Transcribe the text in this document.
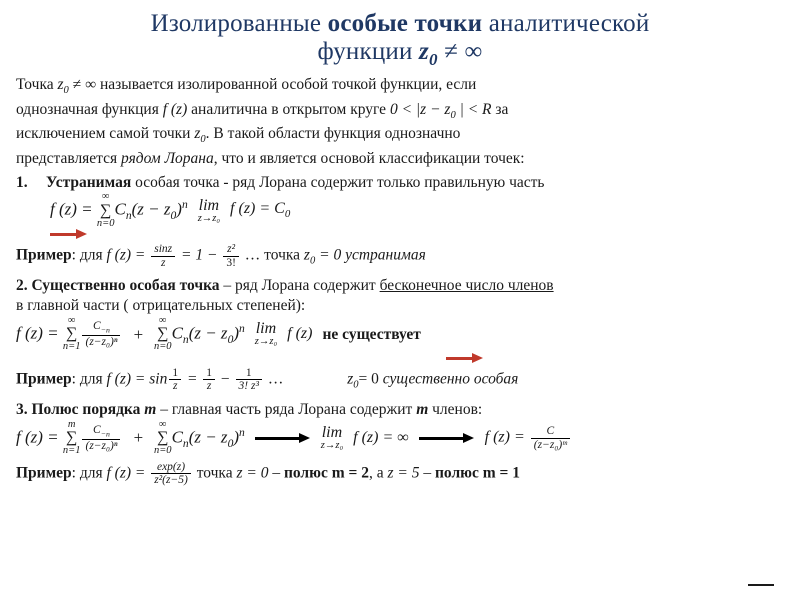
Изолированные особые точки аналитической
функции $z_0$ ≠ ∞
Точка $z_0$ ≠ ∞ называется изолированной особой точкой функции, если
однозначная функция f (z) аналитична в открытом круге $0 < |z - z_0$ | < R за
исключением самой точки $z_0$. В такой области функция однозначно
представляется рядом Лорана, что и является основой классификации точек:
1.	Устранимая особая точка - ряд Лорана содержит только правильную часть
f (z) =
∞
∑
n=0
$C_n(z - z_0)^n$ lim
z→z₀
f $(z) = C_0$
Пример: для f $(z) = \frac{\sin z}{z} = 1 - \frac{\text{z²}}{3!}$ … точка $z_0 = 0$ устранимая
2. Существенно особая точка – ряд Лорана содержит бесконечное число членов
в главной части ( отрицательных степеней):
f (z) =
∞
∑
$n=1 \frac{C_{-n}}{\text{(z−z₀)ⁿ}}$ +
∞
∑
n=0
$C_n(z - z_0)^n$ lim
z→z₀ f (z) не существует
Пример: для f $(z) = \sin \frac{1}{z} = \frac{1}{z} - \frac{1}{\text{3! z³}}$ …	$z_0= 0$ существенно особая
3. Полюс порядка m – главная часть ряда Лорана содержит m членов:
f (z) =
m
∑
$n=1 \frac{C_{-n}}{\text{(z−z₀)ⁿ}}$ +
∞
∑
n=0
$C_n(z - z_0)^n$	lim
z→z₀ f (z) = ∞	f $(z) = \frac{C}{\text{(z−z₀)ᵐ}}$
Пример: для f $(z) = \frac{\exp(z)}{\text{z²(z−5)}}$ точка z = 0 – полюс m = 2, а z = 5 – полюс m = 1
